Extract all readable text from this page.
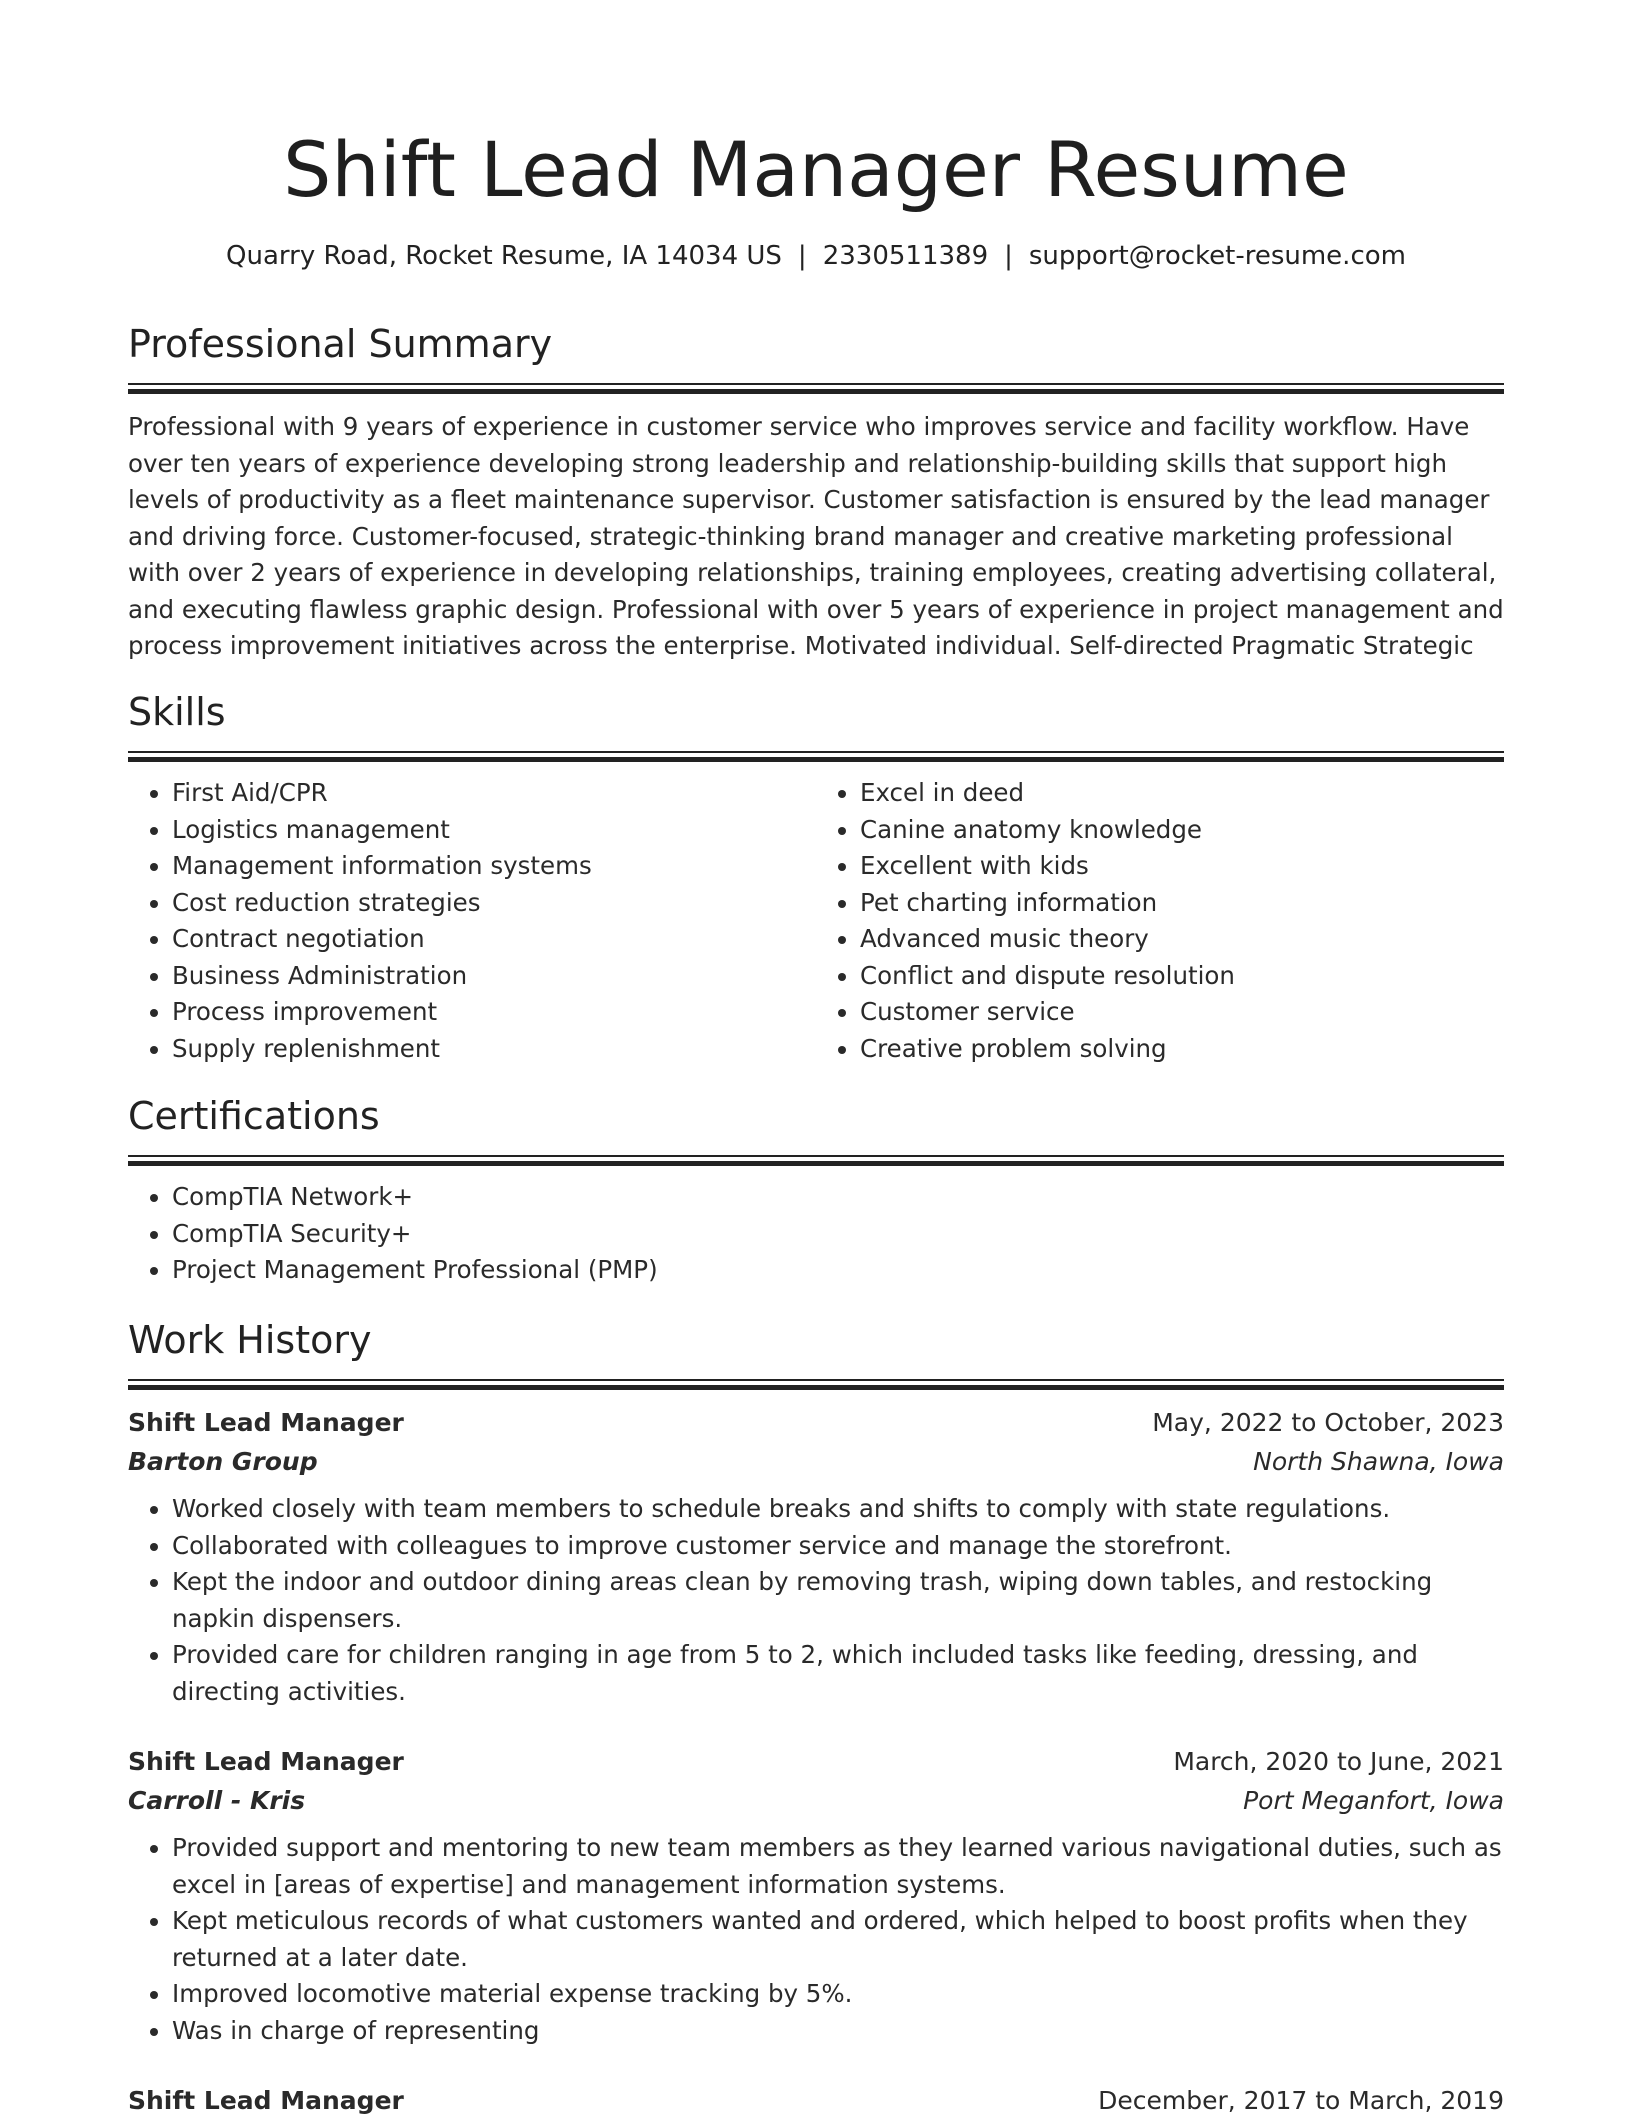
Shift Lead Manager Resume
Quarry Road, Rocket Resume, IA 14034 US | 2330511389 | support@rocket-resume.com
Professional Summary

Professional with 9 years of experience in customer service who improves service and facility workflow. Have over ten years of experience developing strong leadership and relationship-building skills that support high levels of productivity as a fleet maintenance supervisor. Customer satisfaction is ensured by the lead manager and driving force. Customer-focused, strategic-thinking brand manager and creative marketing professional with over 2 years of experience in developing relationships, training employees, creating advertising collateral, and executing flawless graphic design. Professional with over 5 years of experience in project management and process improvement initiatives across the enterprise. Motivated individual. Self-directed Pragmatic Strategic

Skills
• First Aid/CPR
• Logistics management
• Management information systems
• Cost reduction strategies
• Contract negotiation
• Business Administration
• Process improvement
• Supply replenishment
• Excel in deed
• Canine anatomy knowledge
• Excellent with kids
• Pet charting information
• Advanced music theory
• Conflict and dispute resolution
• Customer service
• Creative problem solving
Certifications
• CompTIA Network+
• CompTIA Security+
• Project Management Professional (PMP)
Work History
Shift Lead Manager	May, 2022 to October, 2023
Barton Group	North Shawna, Iowa
• Worked closely with team members to schedule breaks and shifts to comply with state regulations.
• Collaborated with colleagues to improve customer service and manage the storefront.
• Kept the indoor and outdoor dining areas clean by removing trash, wiping down tables, and restocking napkin dispensers.
• Provided care for children ranging in age from 5 to 2, which included tasks like feeding, dressing, and directing activities.
Shift Lead Manager	March, 2020 to June, 2021
Carroll - Kris	Port Meganfort, Iowa
• Provided support and mentoring to new team members as they learned various navigational duties, such as excel in [areas of expertise] and management information systems.
• Kept meticulous records of what customers wanted and ordered, which helped to boost profits when they returned at a later date.
• Improved locomotive material expense tracking by 5%.
• Was in charge of representing
Shift Lead Manager	December, 2017 to March, 2019
